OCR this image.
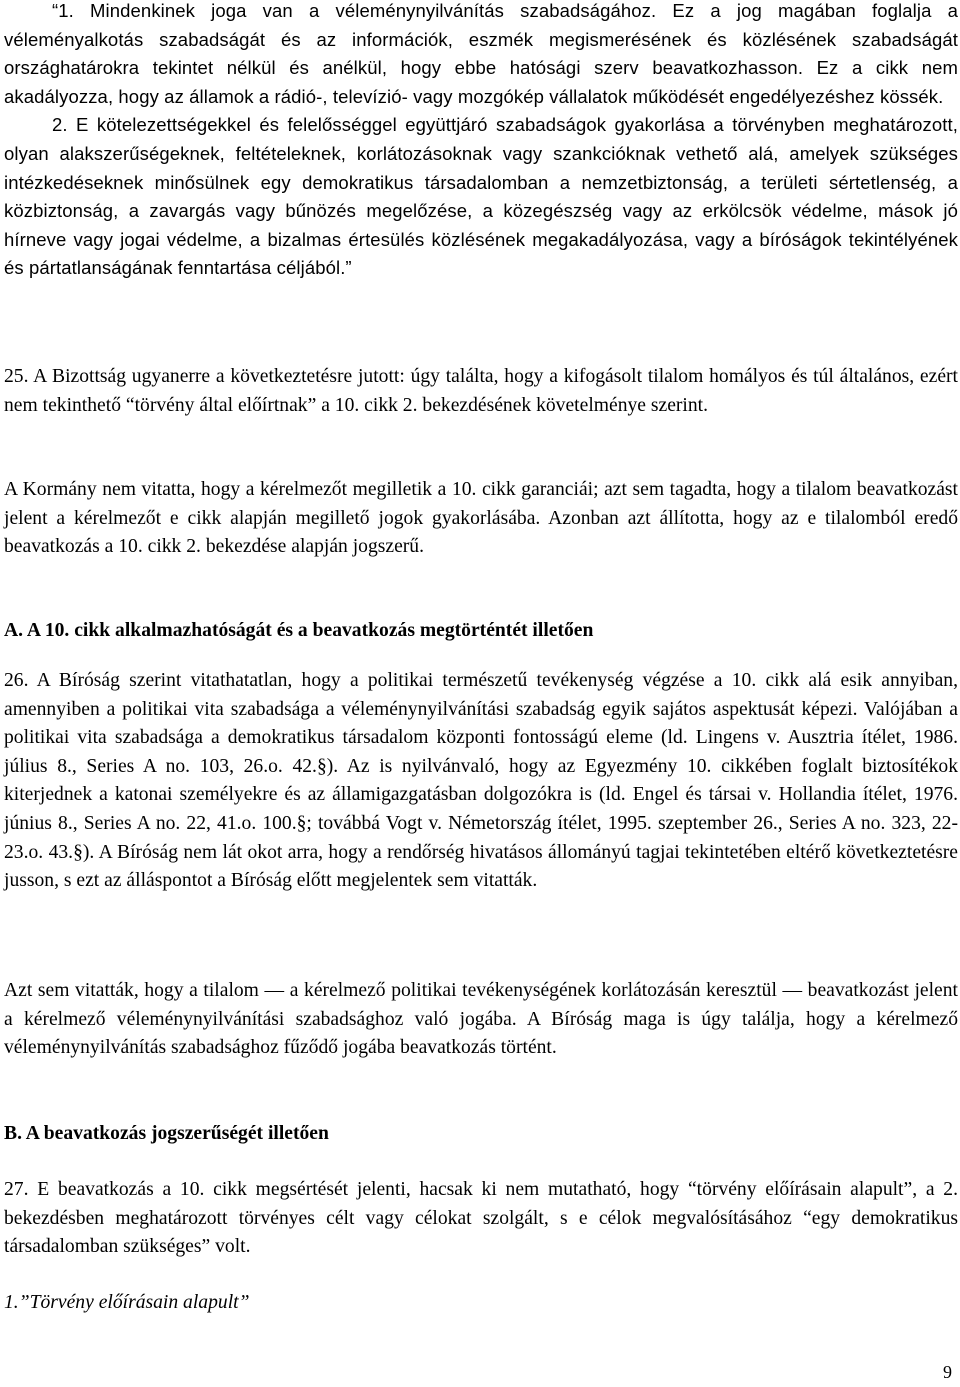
“1. Mindenkinek joga van a véleménynyilvánítás szabadságához. Ez a jog magában foglalja a véleményalkotás szabadságát és az információk, eszmék megismerésének és közlésének szabadságát országhatárokra tekintet nélkül és anélkül, hogy ebbe hatósági szerv beavatkozhasson. Ez a cikk nem akadályozza, hogy az államok a rádió-, televízió- vagy mozgókép vállalatok működését engedélyezéshez kössék.

2. E kötelezettségekkel és felelősséggel együttjáró szabadságok gyakorlása a törvényben meghatározott, olyan alakszerűségeknek, feltételeknek, korlátozásoknak vagy szankcióknak vethető alá, amelyek szükséges intézkedéseknek minősülnek egy demokratikus társadalomban a nemzetbiztonság, a területi sértetlenség, a közbiztonság, a zavargás vagy bűnözés megelőzése, a közegészség vagy az erkölcsök védelme, mások jó hírneve vagy jogai védelme, a bizalmas értesülés közlésének megakadályozása, vagy a bíróságok tekintélyének és pártatlanságának fenntartása céljából.”

25. A Bizottság ugyanerre a következtetésre jutott: úgy találta, hogy a kifogásolt tilalom homályos és túl általános, ezért nem tekinthető “törvény által előírtnak” a 10. cikk 2. bekezdésének követelménye szerint.

A Kormány nem vitatta, hogy a kérelmezőt megilletik a 10. cikk garanciái; azt sem tagadta, hogy a tilalom beavatkozást jelent a kérelmezőt e cikk alapján megillető jogok gyakorlásába. Azonban azt állította, hogy az e tilalomból eredő beavatkozás a 10. cikk 2. bekezdése alapján jogszerű.

A. A 10. cikk alkalmazhatóságát és a beavatkozás megtörténtét illetően

26. A Bíróság szerint vitathatatlan, hogy a politikai természetű tevékenység végzése a 10. cikk alá esik annyiban, amennyiben a politikai vita szabadsága a véleménynyilvánítási szabadság egyik sajátos aspektusát képezi. Valójában a politikai vita szabadsága a demokratikus társadalom központi fontosságú eleme (ld. Lingens v. Ausztria ítélet, 1986. július 8., Series A no. 103, 26.o. 42.§). Az is nyilvánvaló, hogy az Egyezmény 10. cikkében foglalt biztosítékok kiterjednek a katonai személyekre és az államigazgatásban dolgozókra is (ld. Engel és társai v. Hollandia ítélet, 1976. június 8., Series A no. 22, 41.o. 100.§; továbbá Vogt v. Németország ítélet, 1995. szeptember 26., Series A no. 323, 22-23.o. 43.§). A Bíróság nem lát okot arra, hogy a rendőrség hivatásos állományú tagjai tekintetében eltérő következtetésre jusson, s ezt az álláspontot a Bíróság előtt megjelentek sem vitatták.

Azt sem vitatták, hogy a tilalom — a kérelmező politikai tevékenységének korlátozásán keresztül — beavatkozást jelent a kérelmező véleménynyilvánítási szabadsághoz való jogába. A Bíróság maga is úgy találja, hogy a kérelmező véleménynyilvánítás szabadsághoz fűződő jogába beavatkozás történt.

B. A beavatkozás jogszerűségét illetően

27. E beavatkozás a 10. cikk megsértését jelenti, hacsak ki nem mutatható, hogy “törvény előírásain alapult”, a 2. bekezdésben meghatározott törvényes célt vagy célokat szolgált, s e célok megvalósításához “egy demokratikus társadalomban szükséges” volt.

1.”Törvény előírásain alapult”
9
